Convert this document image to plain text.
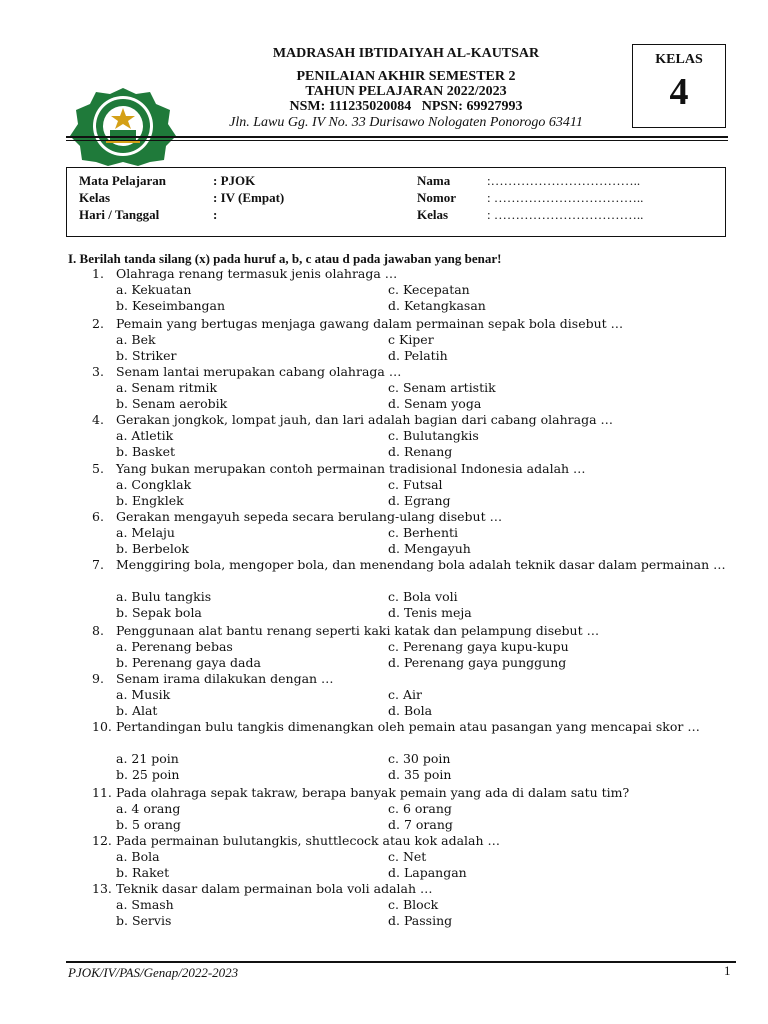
MADRASAH IBTIDAIYAH AL-KAUTSAR
PENILAIAN AKHIR SEMESTER 2
TAHUN PELAJARAN 2022/2023
NSM: 111235020084   NPSN: 69927993
Jln. Lawu Gg. IV No. 33 Durisawo Nologaten Ponorogo 63411
KELAS
4
Mata Pelajaran	: PJOK	Nama	:……………………………..
Kelas	: IV (Empat)	Nomor : ……………………………..
Hari / Tanggal	:	Kelas	: ……………………………..
I. Berilah tanda silang (x) pada huruf a, b, c atau d pada jawaban yang benar!
1. Olahraga renang termasuk jenis olahraga …
a. Kekuatan	c. Kecepatan
b. Keseimbangan	d. Ketangkasan
2. Pemain yang bertugas menjaga gawang dalam permainan sepak bola disebut …
a. Bek	c Kiper
b. Striker	d. Pelatih
3. Senam lantai merupakan cabang olahraga …
a. Senam ritmik	c. Senam artistik
b. Senam aerobik	d. Senam yoga
4. Gerakan jongkok, lompat jauh, dan lari adalah bagian dari cabang olahraga …
a. Atletik	c. Bulutangkis
b. Basket	d. Renang
5. Yang bukan merupakan contoh permainan tradisional Indonesia adalah …
a. Congklak	c. Futsal
b. Engklek	d. Egrang
6. Gerakan mengayuh sepeda secara berulang-ulang disebut …
a. Melaju	c. Berhenti
b. Berbelok	d. Mengayuh
7. Menggiring bola, mengoper bola, dan menendang bola adalah teknik dasar dalam permainan …
a. Bulu tangkis	c. Bola voli
b. Sepak bola	d. Tenis meja
8. Penggunaan alat bantu renang seperti kaki katak dan pelampung disebut …
a. Perenang bebas	c. Perenang gaya kupu-kupu
b. Perenang gaya dada	d. Perenang gaya punggung
9. Senam irama dilakukan dengan …
a. Musik	c. Air
b. Alat	d. Bola
10. Pertandingan bulu tangkis dimenangkan oleh pemain atau pasangan yang mencapai skor …
a. 21 poin	c. 30 poin
b. 25 poin	d. 35 poin
11. Pada olahraga sepak takraw, berapa banyak pemain yang ada di dalam satu tim?
a. 4 orang	c. 6 orang
b. 5 orang	d. 7 orang
12. Pada permainan bulutangkis, shuttlecock atau kok adalah …
a. Bola	c. Net
b. Raket	d. Lapangan
13. Teknik dasar dalam permainan bola voli adalah …
a. Smash	c. Block
b. Servis	d. Passing
PJOK/IV/PAS/Genap/2022-2023	1
